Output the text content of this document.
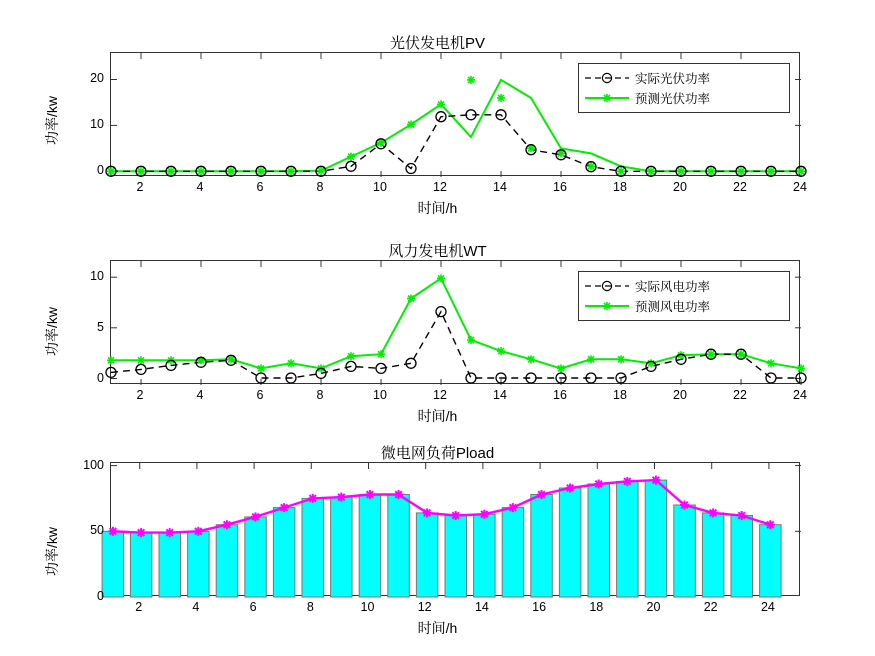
光伏发电机PV
功率/kw
0
10
20
2	4	6	8	10	12	14	16	18	20	22	24
时间/h
实际光伏功率
预测光伏功率
风力发电机WT
功率/kw
0
5
10
2	4	6	8	10	12	14	16	18	20	22	24
时间/h
实际风电功率
预测风电功率
微电网负荷Pload
功率/kw
0
50
100
2	4	6	8	10	12	14	16	18	20	22	24
时间/h
